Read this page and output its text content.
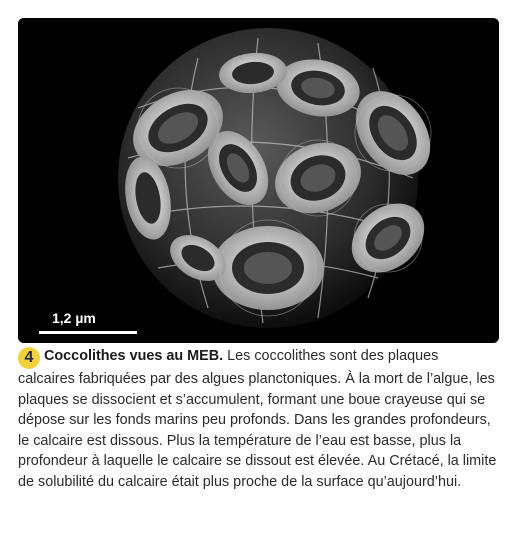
1,2 µm
4 Coccolithes vues au MEB. Les coccolithes sont des plaques calcaires fabriquées par des algues planctoniques. À la mort de l’algue, les plaques se dissocient et s’accumulent, formant une boue crayeuse qui se dépose sur les fonds marins peu profonds. Dans les grandes profondeurs, le calcaire est dissous. Plus la température de l’eau est basse, plus la profondeur à laquelle le calcaire se dissout est élevée. Au Crétacé, la limite de solubilité du calcaire était plus proche de la surface qu’aujourd’hui.
